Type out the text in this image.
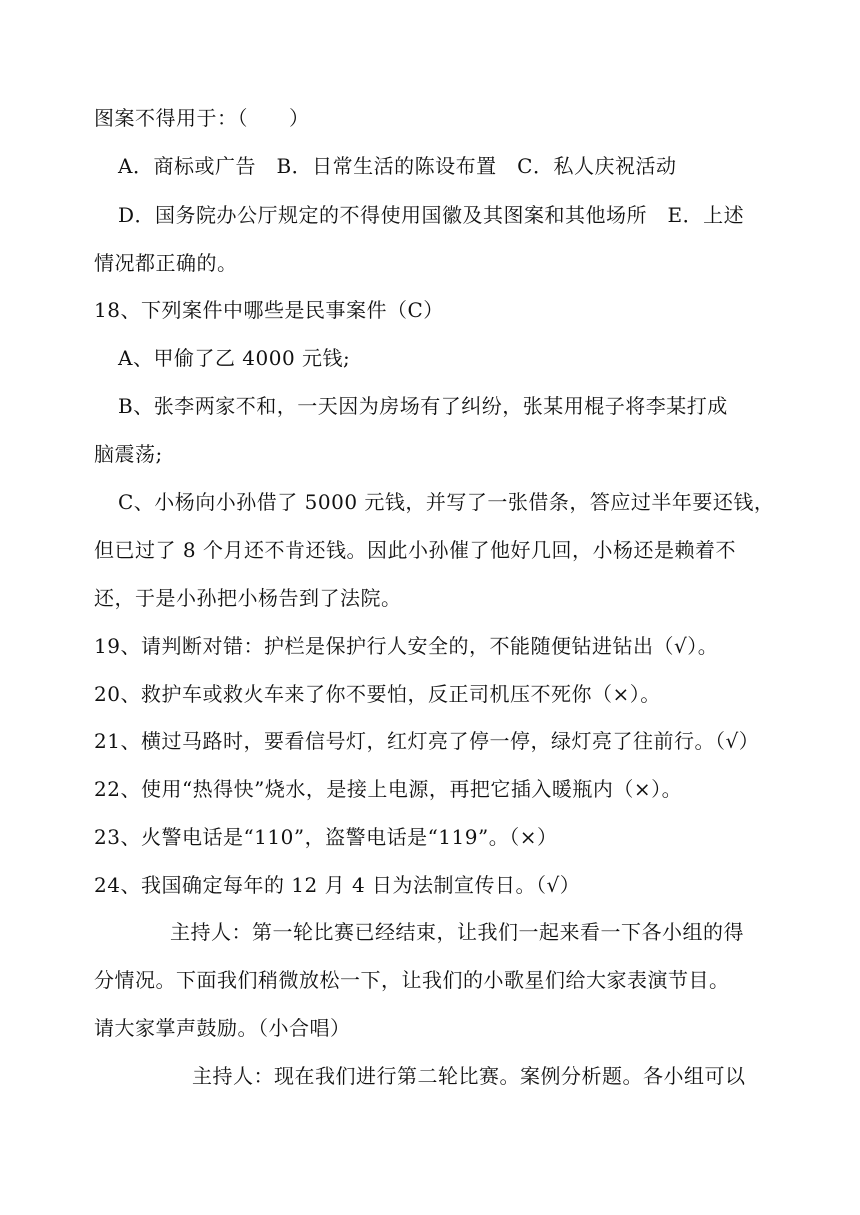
图案不得用于：（　　）
A．商标或广告　B．日常生活的陈设布置　C．私人庆祝活动
D．国务院办公厅规定的不得使用国徽及其图案和其他场所　E．上述
情况都正确的。
18、下列案件中哪些是民事案件（C）
A、甲偷了乙 4000 元钱;
B、张李两家不和，一天因为房场有了纠纷，张某用棍子将李某打成
脑震荡;
C、小杨向小孙借了 5000 元钱，并写了一张借条，答应过半年要还钱，
但已过了 8 个月还不肯还钱。因此小孙催了他好几回，小杨还是赖着不
还，于是小孙把小杨告到了法院。
19、请判断对错：护栏是保护行人安全的，不能随便钻进钻出（√）。
20、救护车或救火车来了你不要怕，反正司机压不死你（×）。
21、横过马路时，要看信号灯，红灯亮了停一停，绿灯亮了往前行。（√）
22、使用“热得快”烧水，是接上电源，再把它插入暖瓶内（×）。
23、火警电话是“110”，盗警电话是“119”。（×）
24、我国确定每年的 12 月 4 日为法制宣传日。（√）
主持人：第一轮比赛已经结束，让我们一起来看一下各小组的得
分情况。下面我们稍微放松一下，让我们的小歌星们给大家表演节目。
请大家掌声鼓励。（小合唱）
主持人：现在我们进行第二轮比赛。案例分析题。各小组可以
